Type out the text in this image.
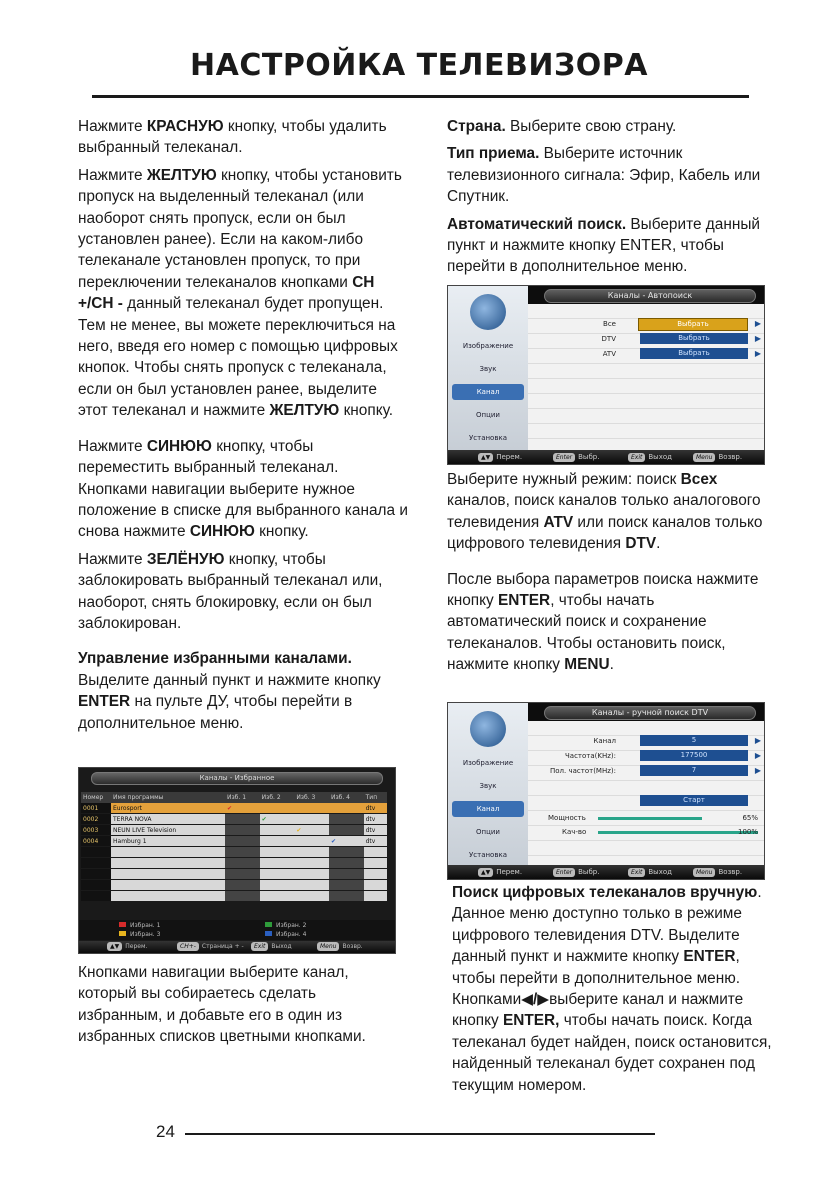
НАСТРОЙКА ТЕЛЕВИЗОРА

Нажмите КРАСНУЮ кнопку, чтобы удалить выбранный телеканал.

Нажмите ЖЕЛТУЮ кнопку, чтобы установить пропуск на выделенный телеканал (или наоборот снять пропуск, если он был установлен ранее). Если на каком-либо телеканале установлен пропуск, то при переключении телеканалов кнопками CH +/CH - данный телеканал будет пропущен. Тем не менее, вы можете переключиться на него, введя его номер с помощью цифровых кнопок. Чтобы снять пропуск с телеканала, если он был установлен ранее, выделите этот телеканал и нажмите ЖЕЛТУЮ кнопку.

Нажмите СИНЮЮ кнопку, чтобы переместить выбранный телеканал. Кнопками навигации выберите нужное положение в списке для выбранного канала и снова нажмите СИНЮЮ кнопку.

Нажмите ЗЕЛЁНУЮ кнопку, чтобы заблокировать выбранный телеканал или, наоборот, снять блокировку, если он был заблокирован.

Управление избранными каналами.
Выделите данный пункт и нажмите кнопку ENTER на пульте ДУ, чтобы перейти в дополнительное меню.

Каналы - Избранное
Номер	Имя программы	Изб. 1	Изб. 2	Изб. 3	Изб. 4	Тип
0001	Eurosport	✔				dtv
0002	TERRA NOVA		✔			dtv
0003	NEUN LIVE Television			✔		dtv
0004	Hamburg 1				✔	dtv

Избран. 1	Избран. 2
Избран. 3	Избран. 4
▲▼ Перем.	CH+- Страница + -	Exit Выход	Menu Возвр.

Кнопками навигации выберите канал, который вы собираетесь сделать избранным, и добавьте его в один из избранных списков цветными кнопками.

Страна. Выберите свою страну.

Тип приема. Выберите источник телевизионного сигнала: Эфир, Кабель или Спутник.

Автоматический поиск. Выберите данный пункт и нажмите кнопку ENTER, чтобы перейти в дополнительное меню.

Изображение
Звук
Канал
Опции
Установка
Каналы - Автопоиск
Все	Выбрать	▶
DTV	Выбрать	▶
ATV	Выбрать	▶
▲▼ Перем.	Enter Выбр.	Exit Выход	Menu Возвр.

Выберите нужный режим: поиск Всех каналов, поиск каналов только аналогового телевидения ATV или поиск каналов только цифрового телевидения DTV.

После выбора параметров поиска нажмите кнопку ENTER, чтобы начать автоматический поиск и сохранение телеканалов. Чтобы остановить поиск, нажмите кнопку MENU.

Изображение
Звук
Канал
Опции
Установка
Каналы - ручной поиск DTV
Канал	5	▶
Частота(KHz):	177500	▶
Пол. частот(MHz):	7	▶
Старт
Мощность	65%
Кач-во	100%
▲▼ Перем.	Enter Выбр.	Exit Выход	Menu Возвр.

Поиск цифровых телеканалов вручную.
Данное меню доступно только в режиме цифрового телевидения DTV. Выделите данный пункт и нажмите кнопку ENTER, чтобы перейти в дополнительное меню. Кнопками◀/▶выберите канал и нажмите кнопку ENTER, чтобы начать поиск. Когда телеканал будет найден, поиск остановится, найденный телеканал будет сохранен под текущим номером.

24
